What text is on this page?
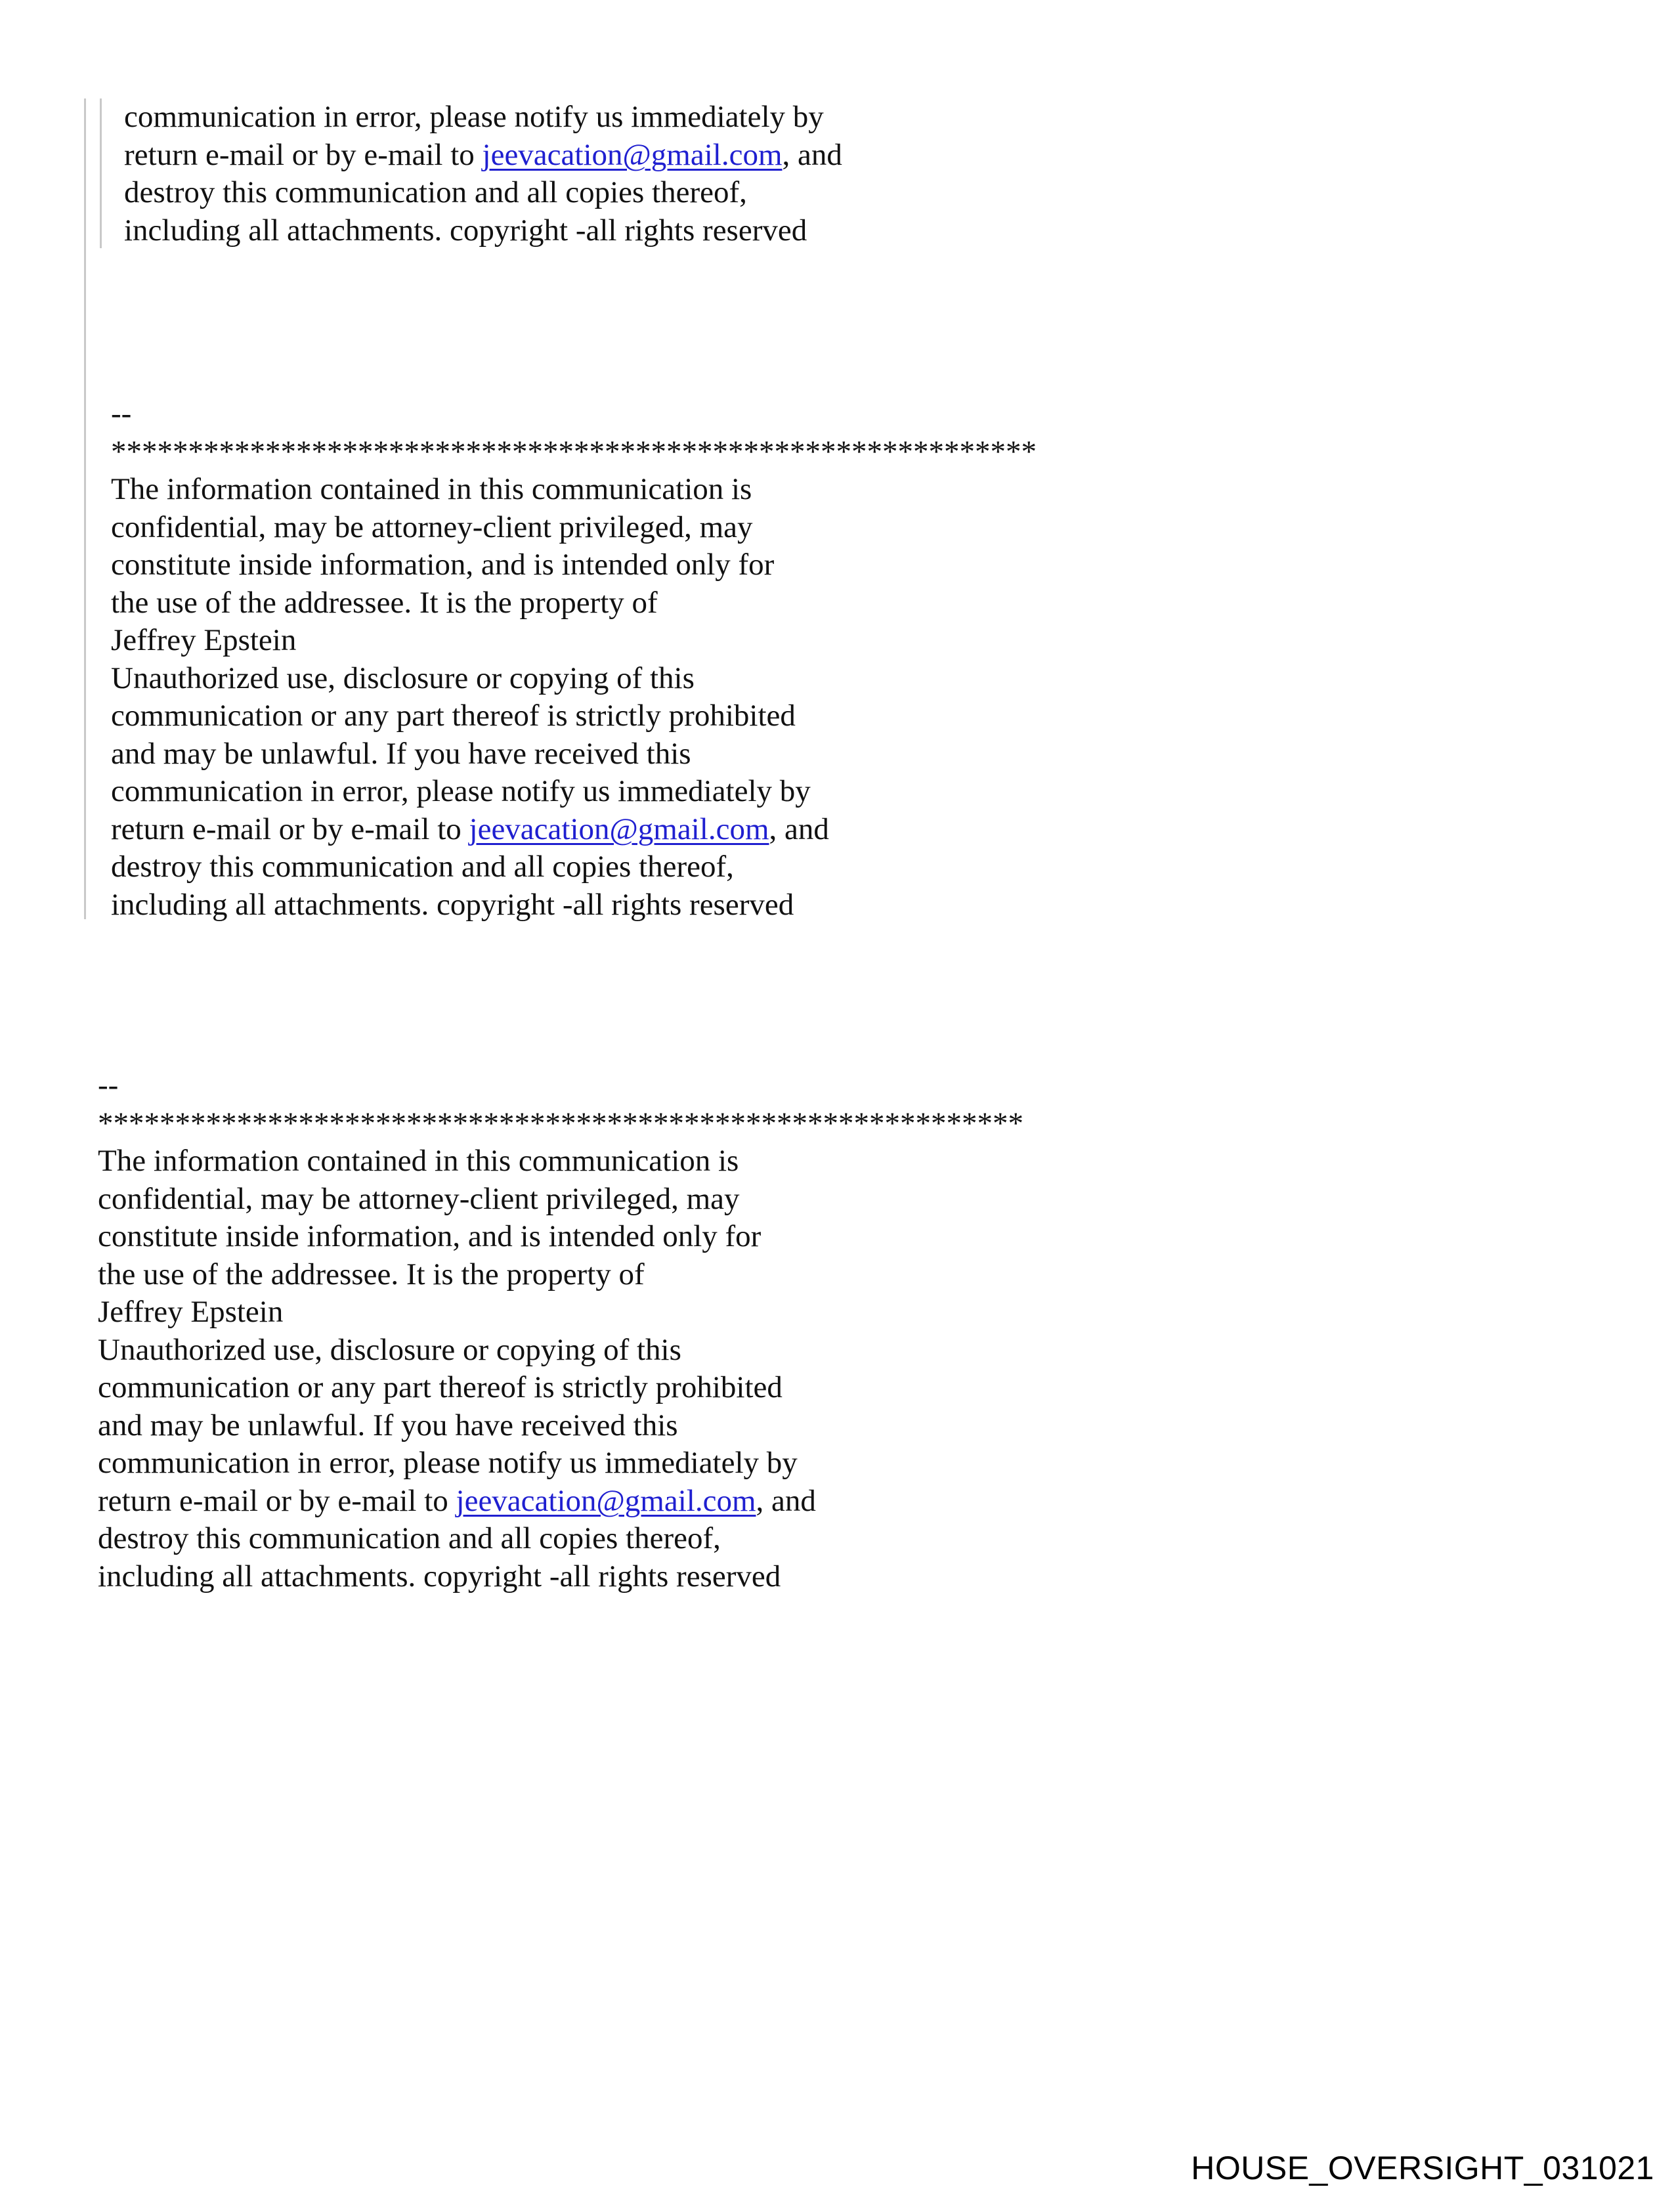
communication in error, please notify us immediately by
return e-mail or by e-mail to jeevacation@gmail.com, and
destroy this communication and all copies thereof,
including all attachments. copyright -all rights reserved
--
************************************************************
The information contained in this communication is
confidential, may be attorney-client privileged, may
constitute inside information, and is intended only for
the use of the addressee. It is the property of
Jeffrey Epstein
Unauthorized use, disclosure or copying of this
communication or any part thereof is strictly prohibited
and may be unlawful. If you have received this
communication in error, please notify us immediately by
return e-mail or by e-mail to jeevacation@gmail.com, and
destroy this communication and all copies thereof,
including all attachments. copyright -all rights reserved
--
************************************************************
The information contained in this communication is
confidential, may be attorney-client privileged, may
constitute inside information, and is intended only for
the use of the addressee. It is the property of
Jeffrey Epstein
Unauthorized use, disclosure or copying of this
communication or any part thereof is strictly prohibited
and may be unlawful. If you have received this
communication in error, please notify us immediately by
return e-mail or by e-mail to jeevacation@gmail.com, and
destroy this communication and all copies thereof,
including all attachments. copyright -all rights reserved
HOUSE_OVERSIGHT_031021
